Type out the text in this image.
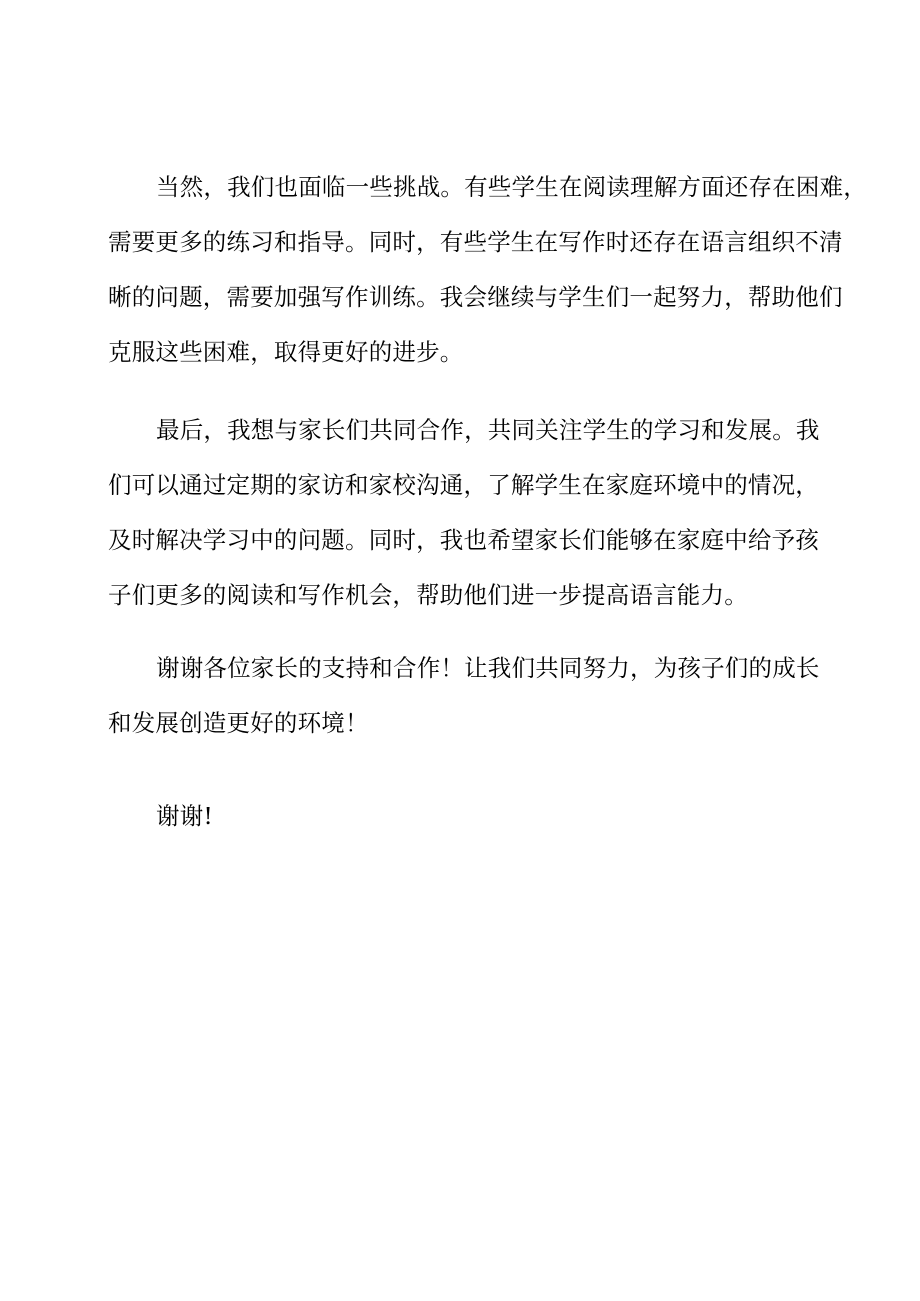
当然，我们也面临一些挑战。有些学生在阅读理解方面还存在困难，
需要更多的练习和指导。同时，有些学生在写作时还存在语言组织不清
晰的问题，需要加强写作训练。我会继续与学生们一起努力，帮助他们
克服这些困难，取得更好的进步。
最后，我想与家长们共同合作，共同关注学生的学习和发展。我
们可以通过定期的家访和家校沟通，了解学生在家庭环境中的情况，
及时解决学习中的问题。同时，我也希望家长们能够在家庭中给予孩
子们更多的阅读和写作机会，帮助他们进一步提高语言能力。
谢谢各位家长的支持和合作！让我们共同努力，为孩子们的成长
和发展创造更好的环境！
谢谢!
